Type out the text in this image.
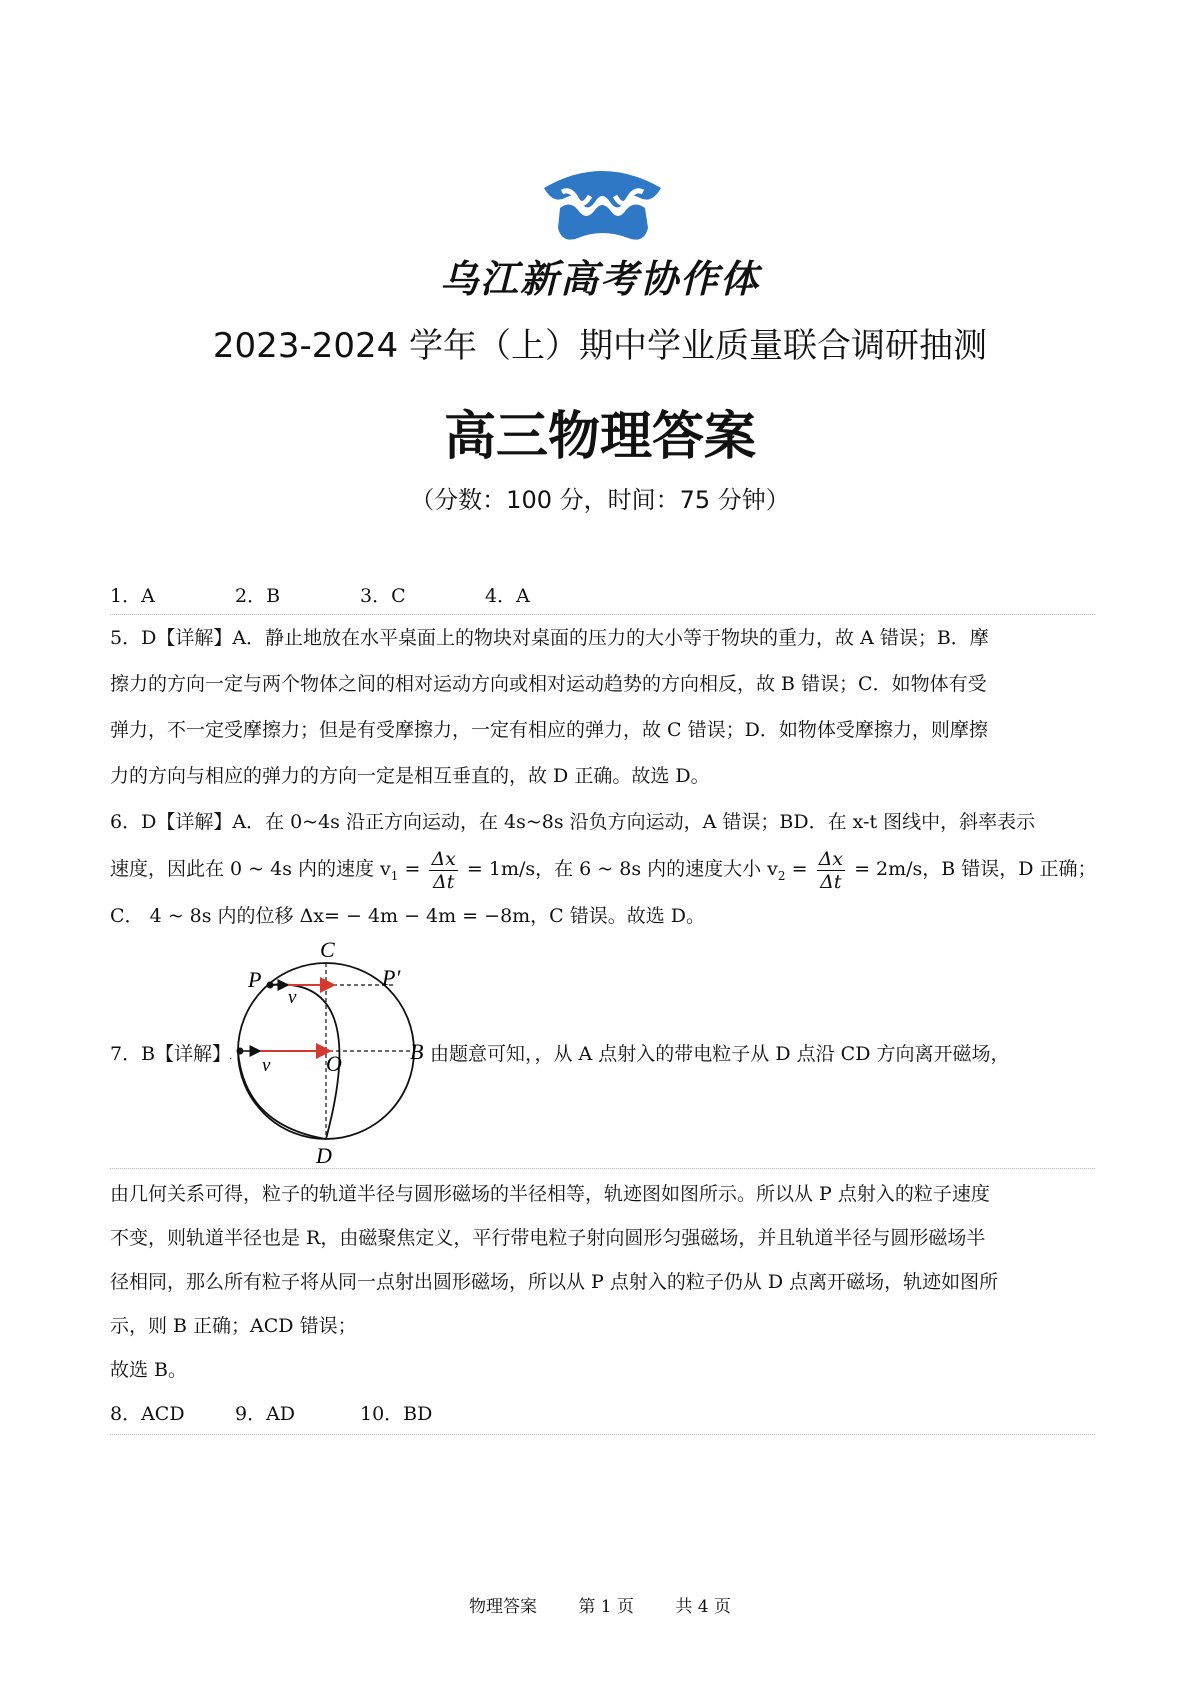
乌江新高考协作体
2023-2024 学年（上）期中学业质量联合调研抽测
高三物理答案
（分数：100 分，时间：75 分钟）
1．A	2．B	3．C	4．A
5．D【详解】A．静止地放在水平桌面上的物块对桌面的压力的大小等于物块的重力，故 A 错误；B．摩
擦力的方向一定与两个物体之间的相对运动方向或相对运动趋势的方向相反，故 B 错误；C．如物体有受
弹力，不一定受摩擦力；但是有受摩擦力，一定有相应的弹力，故 C 错误；D．如物体受摩擦力，则摩擦
力的方向与相应的弹力的方向一定是相互垂直的，故 D 正确。故选 D。
6．D【详解】A．在 0~4s 沿正方向运动，在 4s~8s 沿负方向运动，A 错误；BD．在 x-t 图线中，斜率表示
速度，因此在 0 ~ 4s 内的速度 $v_1 = \frac{\Delta x}{\Delta t} = 1m/s$，在 6 ~ 8s 内的速度大小 $v_2 = \frac{\Delta x}{\Delta t} = 2m/s$，B 错误，D 正确；
C． 4 ~ 8s 内的位移 Δx= − 4m − 4m = −8m，C 错误。故选 D。
7．B【详解】
C
P	P′
B
O
D
v
v
由题意可知，，从 A 点射入的带电粒子从 D 点沿 CD 方向离开磁场，
由几何关系可得，粒子的轨道半径与圆形磁场的半径相等，轨迹图如图所示。所以从 P 点射入的粒子速度
不变，则轨道半径也是 R，由磁聚焦定义，平行带电粒子射向圆形匀强磁场，并且轨道半径与圆形磁场半
径相同，那么所有粒子将从同一点射出圆形磁场，所以从 P 点射入的粒子仍从 D 点离开磁场，轨迹如图所
示，则 B 正确；ACD 错误；
故选 B。
8．ACD	9．AD	10．BD
物理答案 第 1 页 共 4 页
